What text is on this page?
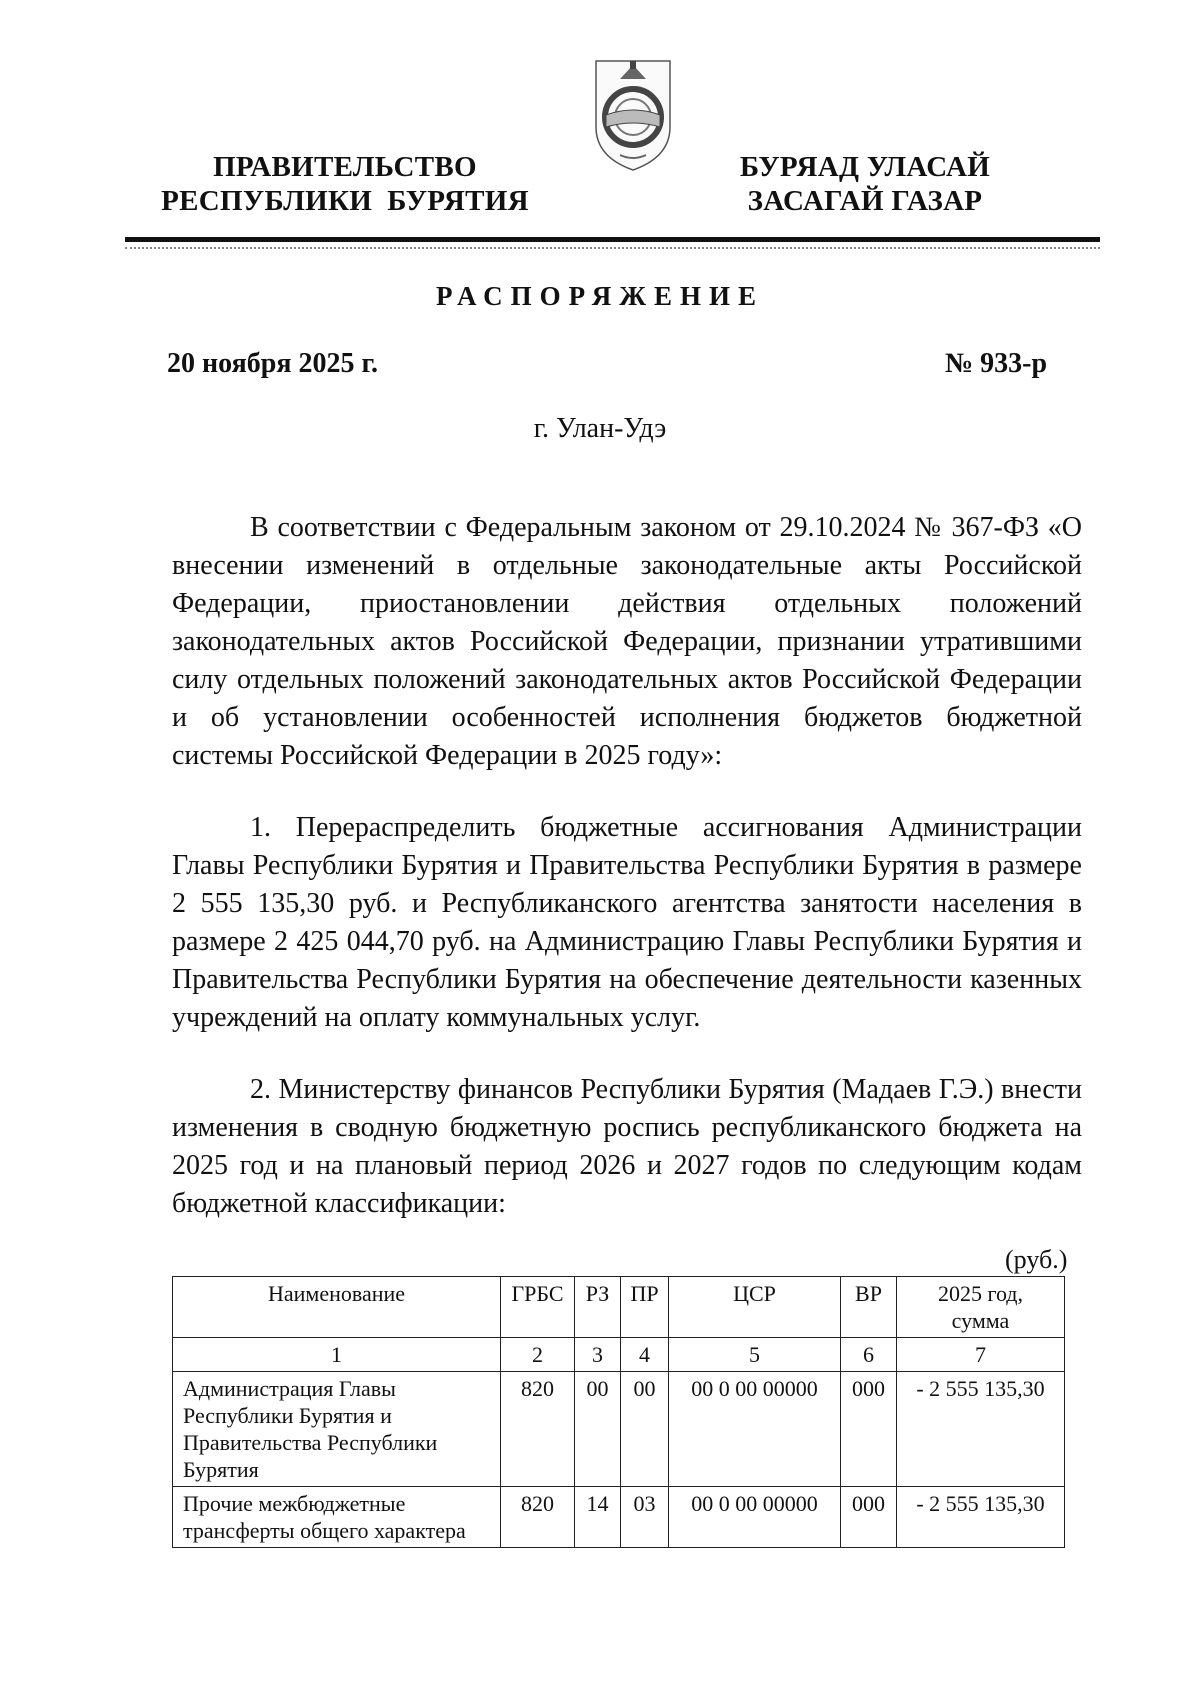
ПРАВИТЕЛЬСТВО
РЕСПУБЛИКИ  БУРЯТИЯ
БУРЯАД УЛАСАЙ
ЗАСАГАЙ ГАЗАР
РАСПОРЯЖЕНИЕ
20 ноября 2025 г.	№ 933-р
г. Улан-Удэ

В соответствии с Федеральным законом от 29.10.2024 № 367-ФЗ «О внесении изменений в отдельные законодательные акты Российской Федерации, приостановлении действия отдельных положений законодательных актов Российской Федерации, признании утратившими силу отдельных положений законодательных актов Российской Федерации и об установлении особенностей исполнения бюджетов бюджетной системы Российской Федерации в 2025 году»:

1. Перераспределить бюджетные ассигнования Администрации Главы Республики Бурятия и Правительства Республики Бурятия в размере 2 555 135,30 руб. и Республиканского агентства занятости населения в размере 2 425 044,70 руб. на Администрацию Главы Республики Бурятия и Правительства Республики Бурятия на обеспечение деятельности казенных учреждений на оплату коммунальных услуг.

2. Министерству финансов Республики Бурятия (Мадаев Г.Э.) внести изменения в сводную бюджетную роспись республиканского бюджета на 2025 год и на плановый период 2026 и 2027 годов по следующим кодам бюджетной классификации:

(руб.)
Наименование	ГРБС	РЗ	ПР	ЦСР	ВР	2025 год, сумма
1	2	3	4	5	6	7
Администрация Главы Республики Бурятия и Правительства Республики Бурятия	820	00	00	00 0 00 00000	000	- 2 555 135,30
Прочие межбюджетные трансферты общего характера	820	14	03	00 0 00 00000	000	- 2 555 135,30
